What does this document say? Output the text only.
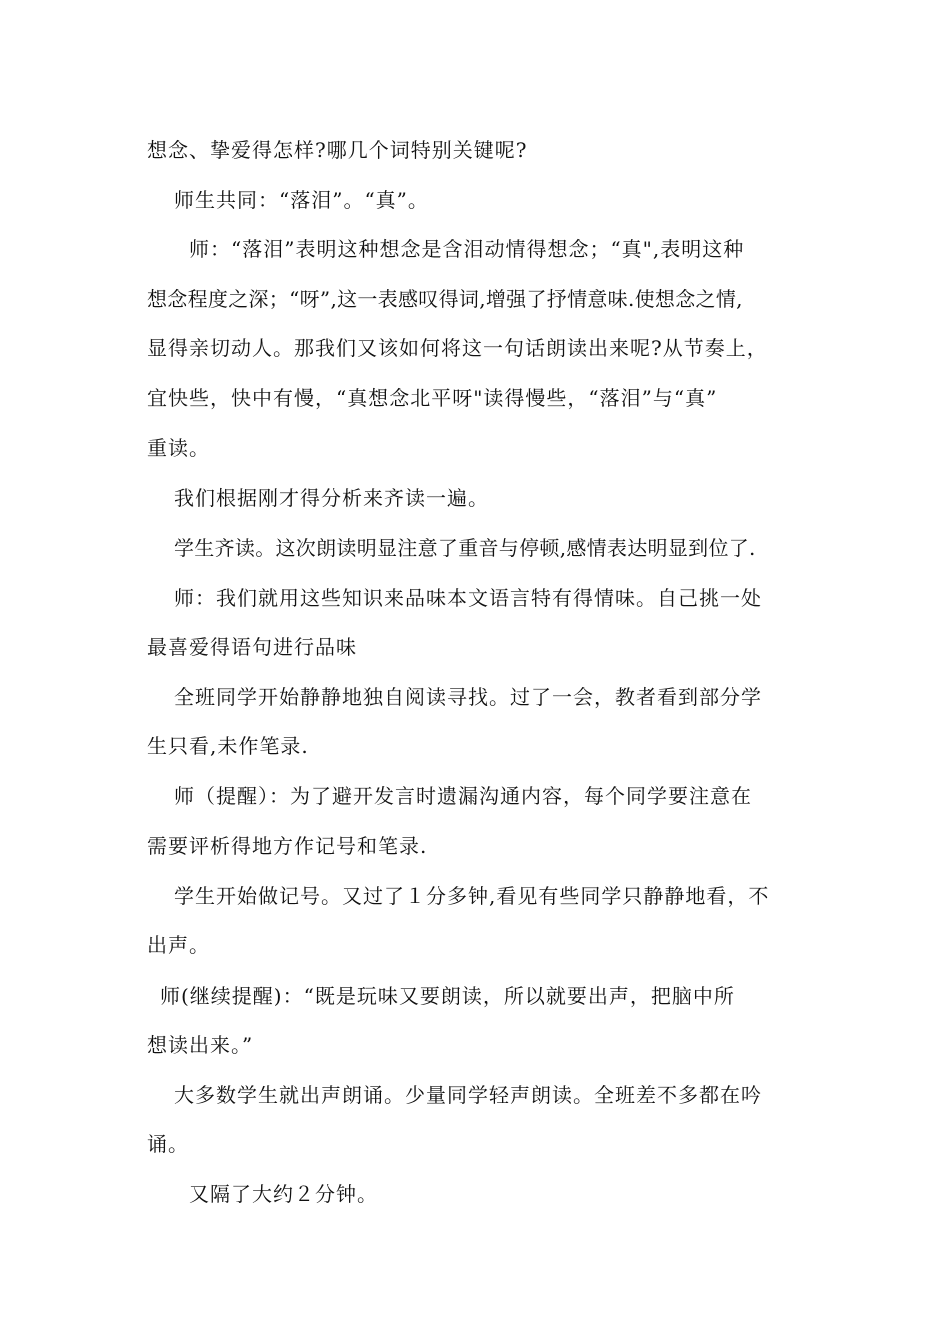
想念、挚爱得怎样?哪几个词特别关键呢?
师生共同：“落泪”。“真”。
师：“落泪”表明这种想念是含泪动情得想念；“真",表明这种
想念程度之深；“呀”,这一表感叹得词,增强了抒情意味.使想念之情,
显得亲切动人。那我们又该如何将这一句话朗读出来呢?从节奏上，
宜快些，快中有慢，“真想念北平呀"读得慢些，“落泪”与“真”
重读。
我们根据刚才得分析来齐读一遍。
学生齐读。这次朗读明显注意了重音与停顿,感情表达明显到位了.
师：我们就用这些知识来品味本文语言特有得情味。自己挑一处
最喜爱得语句进行品味
全班同学开始静静地独自阅读寻找。过了一会，教者看到部分学
生只看,未作笔录.
师（提醒）：为了避开发言时遗漏沟通内容，每个同学要注意在
需要评析得地方作记号和笔录.
学生开始做记号。又过了１分多钟,看见有些同学只静静地看，不
出声。
师(继续提醒)：“既是玩味又要朗读，所以就要出声，把脑中所
想读出来。”
大多数学生就出声朗诵。少量同学轻声朗读。全班差不多都在吟
诵。
又隔了大约２分钟。
